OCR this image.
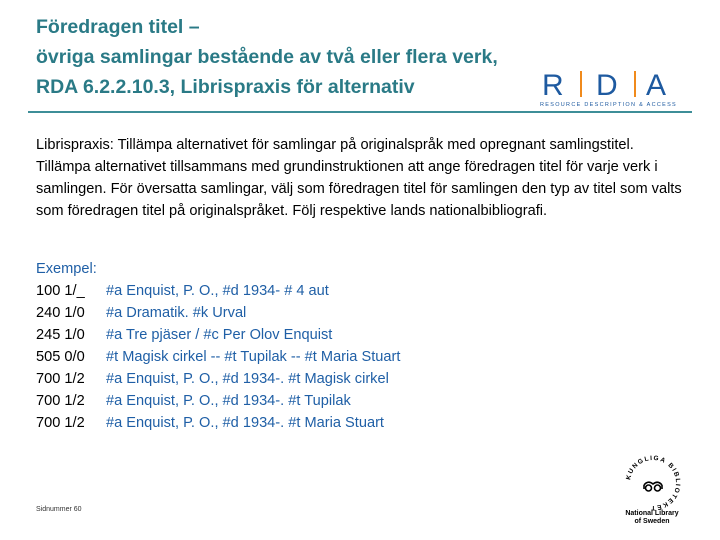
Föredragen titel –
övriga samlingar bestående av två eller flera verk,
RDA 6.2.2.10.3, Librispraxis för alternativ	R D A
RESOURCE DESCRIPTION & ACCESS
Librispraxis: Tillämpa alternativet för samlingar på originalspråk med opregnant samlingstitel. Tillämpa alternativet tillsammans med grundinstruktionen att ange föredragen titel för varje verk i samlingen. För översatta samlingar, välj som föredragen titel för samlingen den typ av titel som valts som föredragen titel på originalspråket. Följ respektive lands nationalbibliografi.
Exempel:
100 1/_	#a Enquist, P. O., #d 1934- # 4 aut
240 1/0	#a Dramatik. #k Urval
245 1/0	#a Tre pjäser / #c Per Olov Enquist
505 0/0	#t Magisk cirkel -- #t Tupilak -- #t Maria Stuart
700 1/2	#a Enquist, P. O., #d 1934-. #t Magisk cirkel
700 1/2	#a Enquist, P. O., #d 1934-. #t Tupilak
700 1/2	#a Enquist, P. O., #d 1934-. #t Maria Stuart
Sidnummer 60
KUNGLIGA BIBLIOTEKET
National Library
of Sweden
